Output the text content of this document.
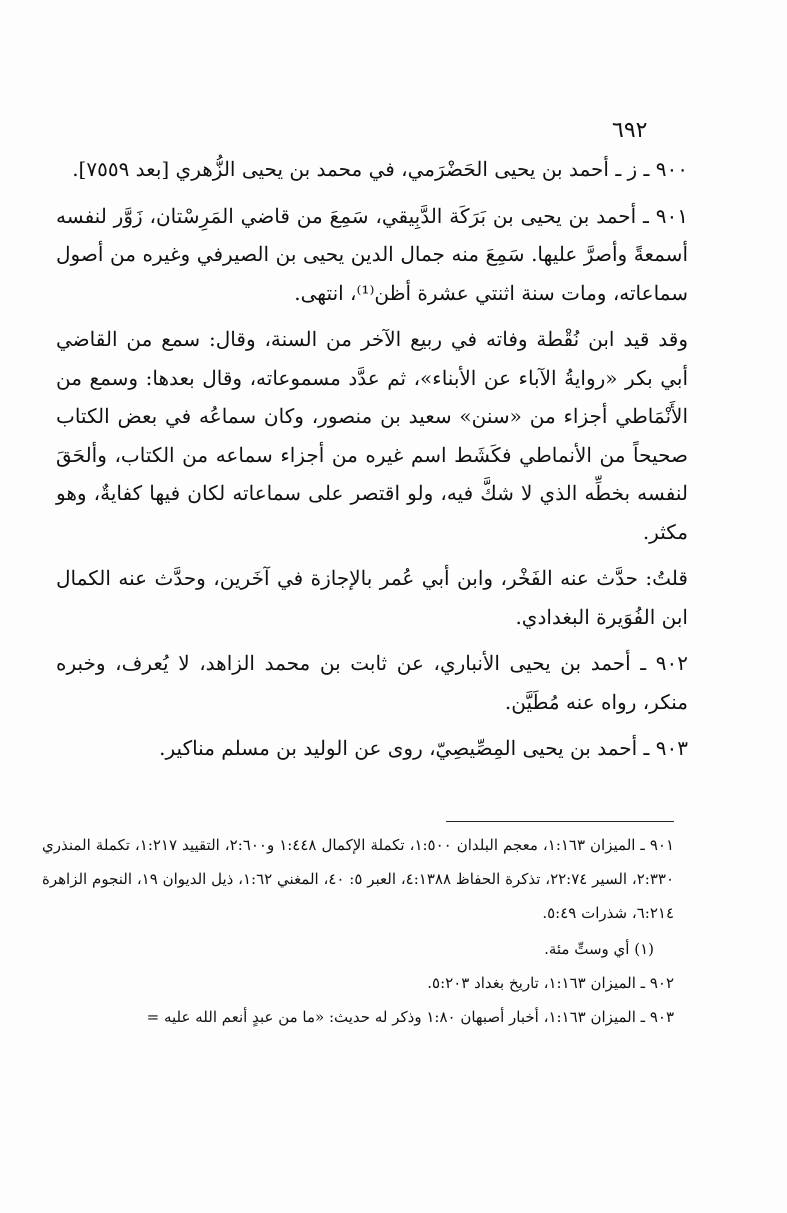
٦٩٢

٩٠٠ ـ ز ـ أحمد بن يحيى الحَضْرَمي، في محمد بن يحيى الزُّهري [بعد ٧٥٥٩].

٩٠١ ـ أحمد بن يحيى بن بَرَكَة الدَّبِيقي، سَمِعَ من قاضي المَرِسْتان، زَوَّر لنفسه أسمعةً وأصرَّ عليها. سَمِعَ منه جمال الدين يحيى بن الصيرفي وغيره من أصول سماعاته، ومات سنة اثنتي عشرة أظن⁽¹⁾، انتهى.

وقد قيد ابن نُقْطة وفاته في ربيع الآخر من السنة، وقال: سمع من القاضي أبي بكر «روايةُ الآباء عن الأبناء»، ثم عدَّد مسموعاته، وقال بعدها: وسمع من الأَنْمَاطي أجزاء من «سنن» سعيد بن منصور، وكان سماعُه في بعض الكتاب صحيحاً من الأنماطي فكَشَط اسم غيره من أجزاء سماعه من الكتاب، وألحَقَ لنفسه بخطِّه الذي لا شكَّ فيه، ولو اقتصر على سماعاته لكان فيها كفايةٌ، وهو مكثر.

قلتُ: حدَّث عنه الفَخْر، وابن أبي عُمر بالإجازة في آخَرين، وحدَّث عنه الكمال ابن الفُوَيرة البغدادي.

٩٠٢ ـ أحمد بن يحيى الأنباري، عن ثابت بن محمد الزاهد، لا يُعرف، وخبره منكر، رواه عنه مُطَيَّن.

٩٠٣ ـ أحمد بن يحيى المِصِّيصِيّ، روى عن الوليد بن مسلم مناكير.

٩٠١ ـ الميزان ١:١٦٣، معجم البلدان ١:٥٠٠، تكملة الإكمال ١:٤٤٨ و٢:٦٠٠، التقييد ١:٢١٧، تكملة المنذري ٢:٣٣٠، السير ٢٢:٧٤، تذكرة الحفاظ ٤:١٣٨٨، العبر ٥: ٤٠، المغني ١:٦٢، ذيل الديوان ١٩، النجوم الزاهرة ٦:٢١٤، شذرات ٥:٤٩.

(١) أي وستِّ مئة.

٩٠٢ ـ الميزان ١:١٦٣، تاريخ بغداد ٥:٢٠٣.

٩٠٣ ـ الميزان ١:١٦٣، أخبار أصبهان ١:٨٠ وذكر له حديث: «ما من عبدٍ أنعم الله عليه =
